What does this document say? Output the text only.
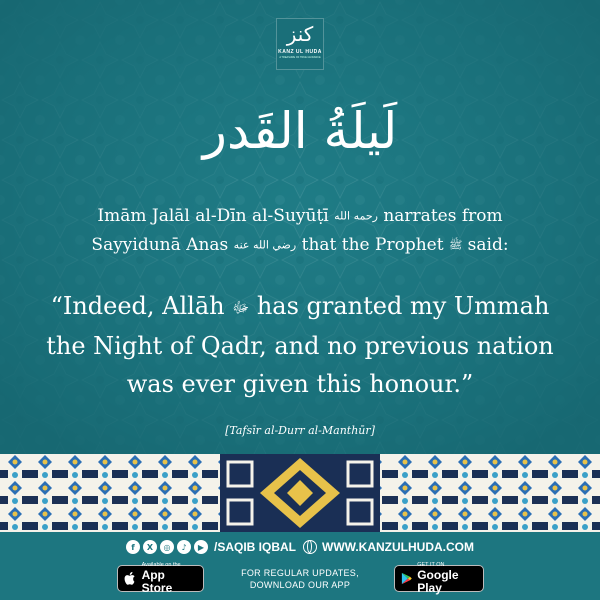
كنز
KANZ UL HUDA
A TREASURE OF TRUE GUIDANCE
لَيلَةُ القَدر
Imām Jalāl al-Dīn al-Suyūṭī رحمه الله narrates from
Sayyidunā Anas رضي الله عنه that the Prophet ﷺ said:
“Indeed, Allāh ﷻ has granted my Ummah
the Night of Qadr, and no previous nation
was ever given this honour.”
[Tafsīr al-Durr al-Manthūr]
f	X	◎	♪	▶ /SAQIB IQBAL WWW.KANZULHUDA.COM
Available on the
App Store
FOR REGULAR UPDATES,
DOWNLOAD OUR APP
GET IT ON
Google Play
